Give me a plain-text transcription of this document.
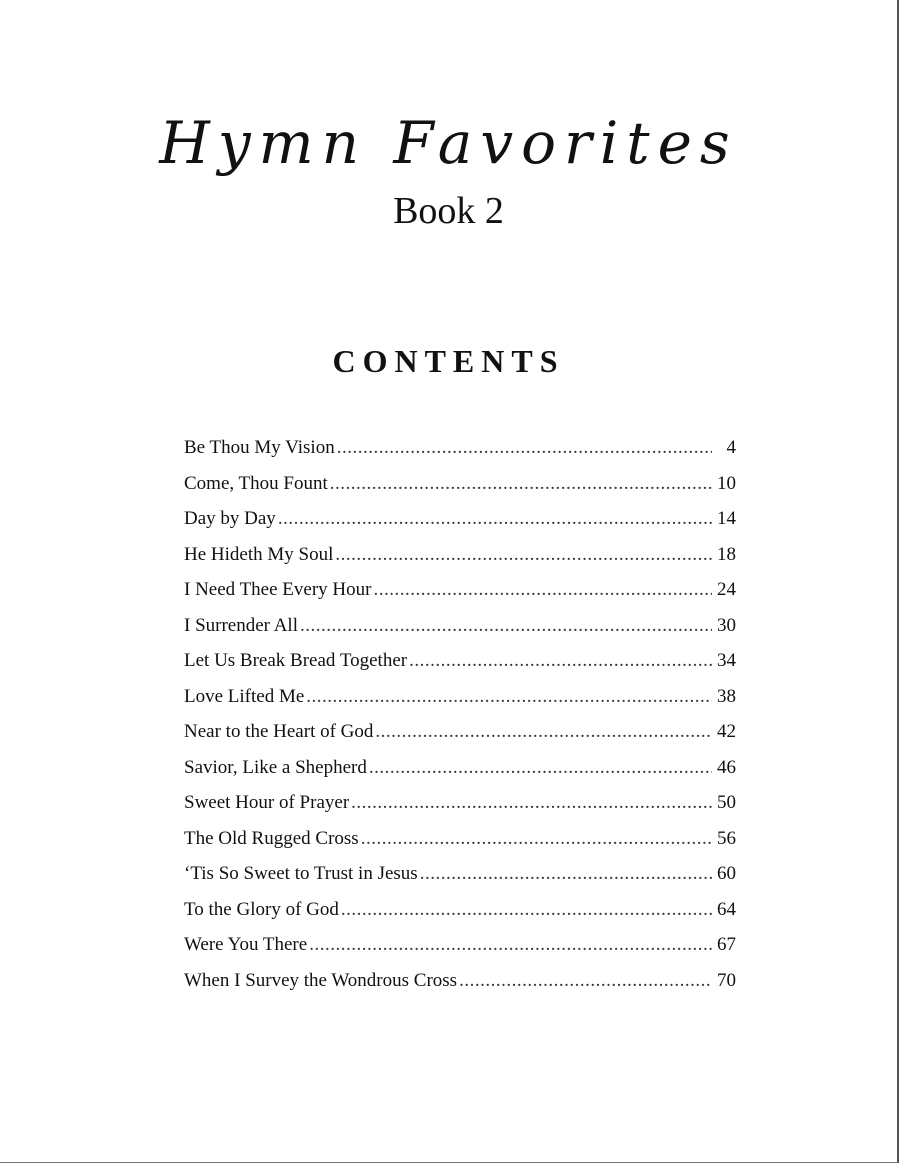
Hymn Favorites
Book 2
CONTENTS
Be Thou My Vision .....	4
Come, Thou Fount .....	10
Day by Day .....	14
He Hideth My Soul .....	18
I Need Thee Every Hour .....	24
I Surrender All .....	30
Let Us Break Bread Together .....	34
Love Lifted Me .....	38
Near to the Heart of God .....	42
Savior, Like a Shepherd .....	46
Sweet Hour of Prayer .....	50
The Old Rugged Cross .....	56
‘Tis So Sweet to Trust in Jesus .....	60
To the Glory of God .....	64
Were You There .....	67
When I Survey the Wondrous Cross .....	70
